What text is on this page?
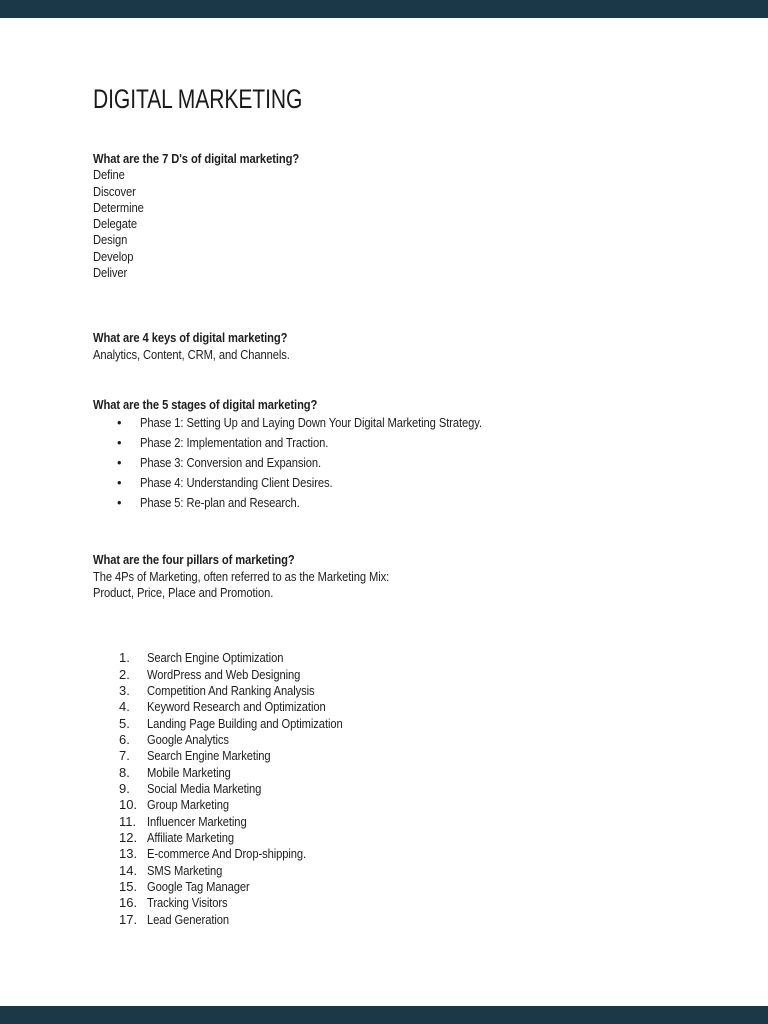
DIGITAL MARKETING
What are the 7 D's of digital marketing?
Define
Discover
Determine
Delegate
Design
Develop
Deliver
What are 4 keys of digital marketing?
Analytics, Content, CRM, and Channels.
What are the 5 stages of digital marketing?
•	Phase 1: Setting Up and Laying Down Your Digital Marketing Strategy.
•	Phase 2: Implementation and Traction.
•	Phase 3: Conversion and Expansion.
•	Phase 4: Understanding Client Desires.
•	Phase 5: Re-plan and Research.
What are the four pillars of marketing?
The 4Ps of Marketing, often referred to as the Marketing Mix:
Product, Price, Place and Promotion.
1. Search Engine Optimization
2. WordPress and Web Designing
3. Competition And Ranking Analysis
4. Keyword Research and Optimization
5. Landing Page Building and Optimization
6. Google Analytics
7. Search Engine Marketing
8. Mobile Marketing
9. Social Media Marketing
10. Group Marketing
11. Influencer Marketing
12. Affiliate Marketing
13. E-commerce And Drop-shipping.
14. SMS Marketing
15. Google Tag Manager
16. Tracking Visitors
17. Lead Generation
